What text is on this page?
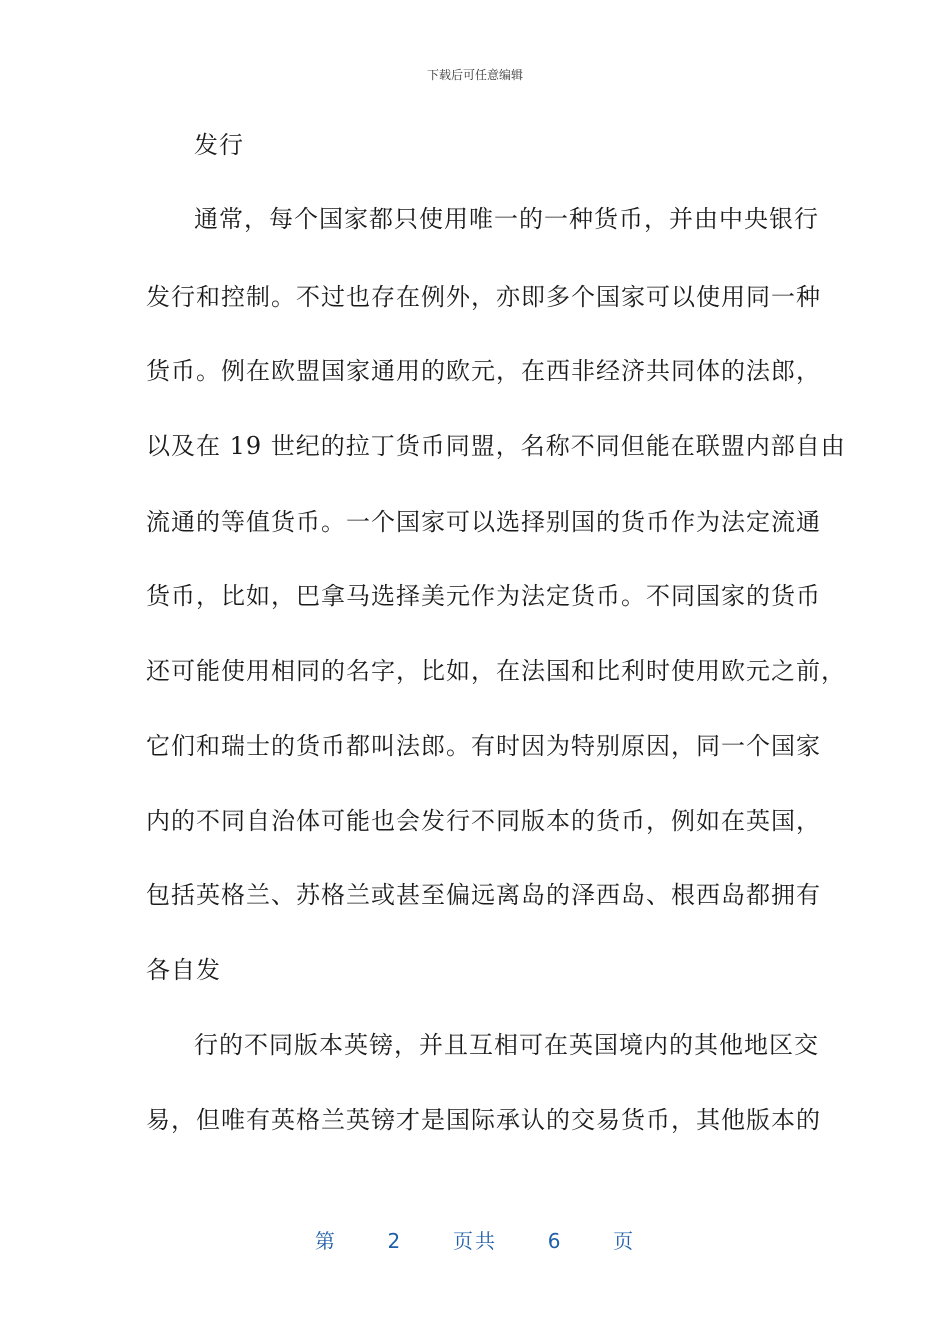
下载后可任意编辑
发行
通常，每个国家都只使用唯一的一种货币，并由中央银行
发行和控制。不过也存在例外，亦即多个国家可以使用同一种
货币。例在欧盟国家通用的欧元，在西非经济共同体的法郎，
以及在 19 世纪的拉丁货币同盟，名称不同但能在联盟内部自由
流通的等值货币。一个国家可以选择别国的货币作为法定流通
货币，比如，巴拿马选择美元作为法定货币。不同国家的货币
还可能使用相同的名字，比如，在法国和比利时使用欧元之前，
它们和瑞士的货币都叫法郎。有时因为特别原因，同一个国家
内的不同自治体可能也会发行不同版本的货币，例如在英国，
包括英格兰、苏格兰或甚至偏远离岛的泽西岛、根西岛都拥有
各自发
行的不同版本英镑，并且互相可在英国境内的其他地区交
易，但唯有英格兰英镑才是国际承认的交易货币，其他版本的
第	2	页共	6	页
